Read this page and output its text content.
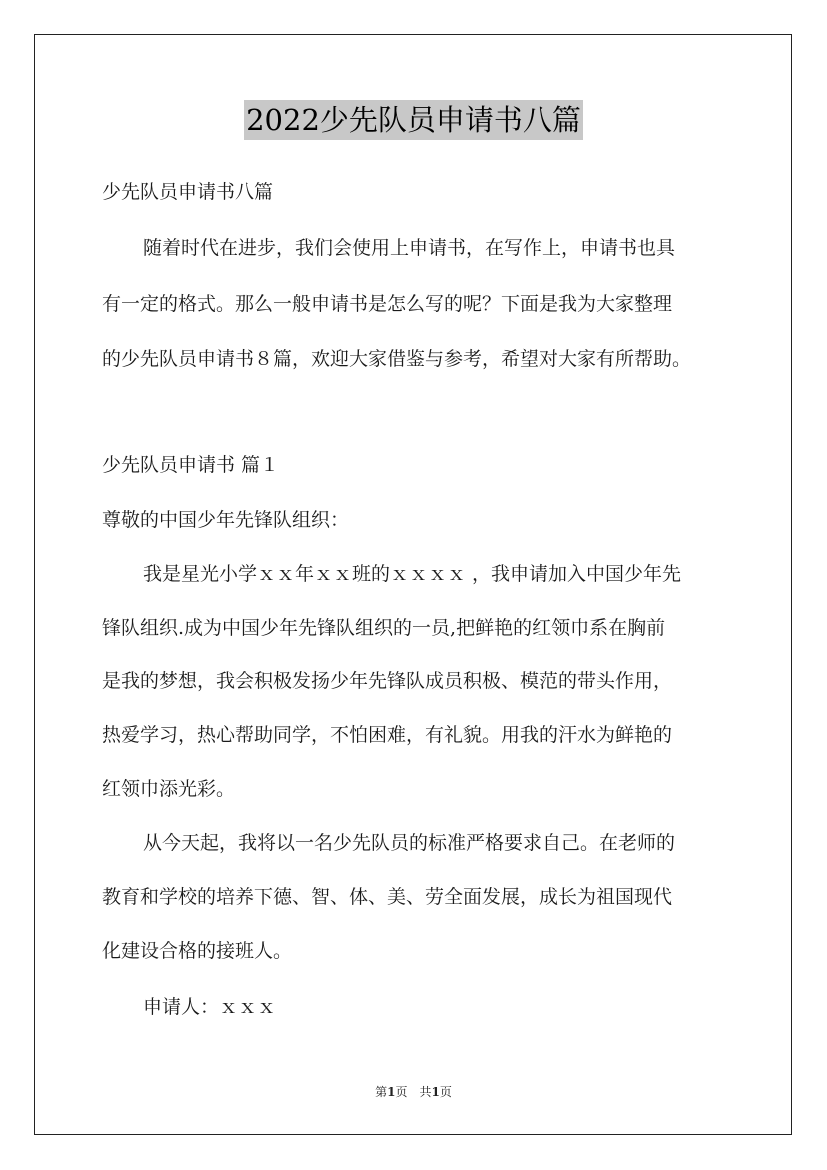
2022少先队员申请书八篇
少先队员申请书八篇
随着时代在进步，我们会使用上申请书，在写作上，申请书也具
有一定的格式。那么一般申请书是怎么写的呢？下面是我为大家整理
的少先队员申请书８篇，欢迎大家借鉴与参考，希望对大家有所帮助。
少先队员申请书 篇１
尊敬的中国少年先锋队组织：
我是星光小学ｘｘ年ｘｘ班的ｘｘｘｘ ，我申请加入中国少年先
锋队组织.成为中国少年先锋队组织的一员,把鲜艳的红领巾系在胸前
是我的梦想，我会积极发扬少年先锋队成员积极、模范的带头作用，
热爱学习，热心帮助同学，不怕困难，有礼貌。用我的汗水为鲜艳的
红领巾添光彩。
从今天起，我将以一名少先队员的标准严格要求自己。在老师的
教育和学校的培养下德、智、体、美、劳全面发展，成长为祖国现代
化建设合格的接班人。
申请人：ｘｘｘ
第1页　共1页
